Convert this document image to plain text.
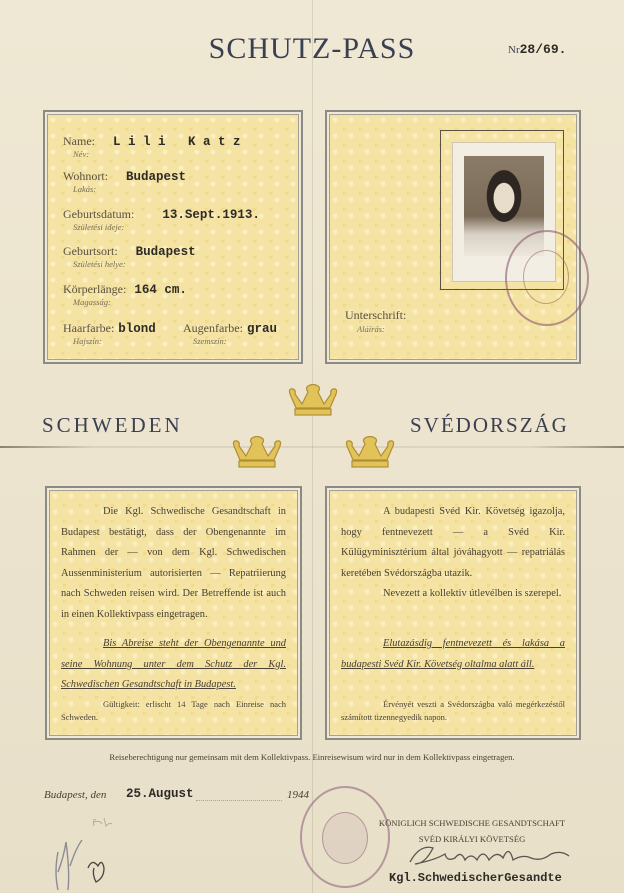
SCHUTZ-PASS	Nr28/69.
Name: L i l i   K a t z
Név:
Wohnort: Budapest
Lakás:
Geburtsdatum: 13.Sept.1913.
Születési ideje:
Geburtsort: Budapest
Születési helye:
Körperlänge: 164 cm.
Magasság:
Haarfarbe: blond
Hajszín:
Augenfarbe: grau
Szemszín:
Unterschrift:
Aláírás:
SCHWEDEN	SVÉDORSZÁG
Die Kgl. Schwedische Gesandtschaft in Budapest bestätigt, dass der Obengenannte im Rahmen der — von dem Kgl. Schwedischen Aussenministerium autorisierten — Repatriierung nach Schweden reisen wird. Der Betreffende ist auch in einen Kollektivpass eingetragen.
Bis Abreise steht der Obengenannte und seine Wohnung unter dem Schutz der Kgl. Schwedischen Gesandtschaft in Budapest.
Gültigkeit: erlischt 14 Tage nach Einreise nach Schweden.
A budapesti Svéd Kir. Követség igazolja, hogy fentnevezett — a Svéd Kir. Külügyminisztérium által jóváhagyott — repatriálás keretében Svédországba utazik.
Nevezett a kollektiv útlevélben is szerepel.
Elutazásdig fentnevezett és lakása a budapesti Svéd Kir. Követség oltalma alatt áll.
Érvényét veszti a Svédországba való megérkezéstől számított tizennegyedik napon.
Reiseberechtigung nur gemeinsam mit dem Kollektivpass. Einreisewisum wird nur in dem Kollektivpass eingetragen.
Budapest, den 25.August	1944
KÖNIGLICH SCHWEDISCHE GESANDTSCHAFT
SVÉD KIRÁLYI KÖVETSÉG
Kgl.SchwedischerGesandte
